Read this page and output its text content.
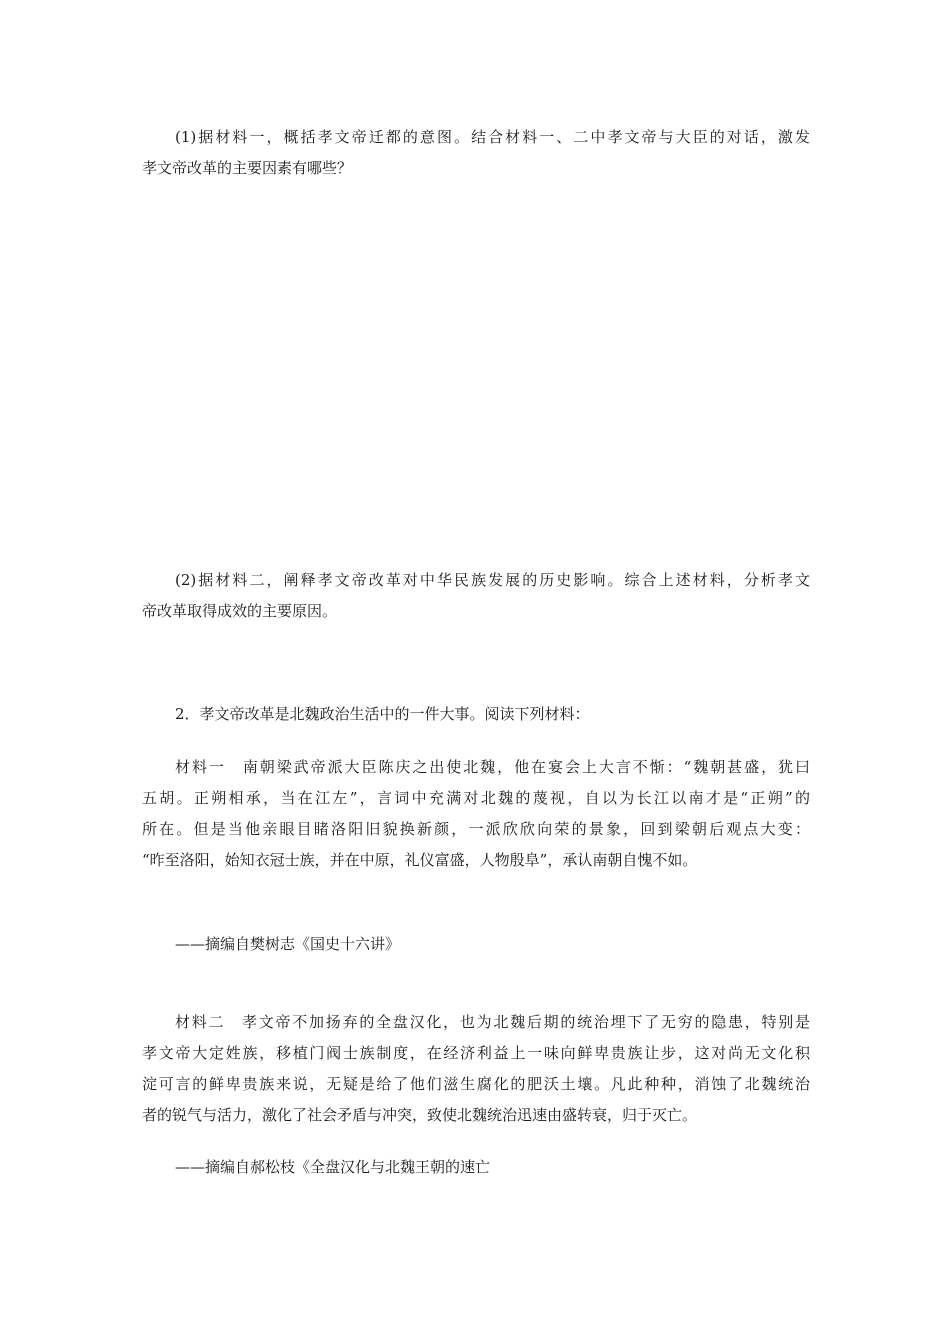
(1)据材料一，概括孝文帝迁都的意图。结合材料一、二中孝文帝与大臣的对话，激发
孝文帝改革的主要因素有哪些？
(2)据材料二，阐释孝文帝改革对中华民族发展的历史影响。综合上述材料，分析孝文
帝改革取得成效的主要原因。
2．孝文帝改革是北魏政治生活中的一件大事。阅读下列材料：
材料一　南朝梁武帝派大臣陈庆之出使北魏，他在宴会上大言不惭：“魏朝甚盛，犹曰
五胡。正朔相承，当在江左”，言词中充满对北魏的蔑视，自以为长江以南才是“正朔”的
所在。但是当他亲眼目睹洛阳旧貌换新颜，一派欣欣向荣的景象，回到梁朝后观点大变：
“昨至洛阳，始知衣冠士族，并在中原，礼仪富盛，人物殷阜”，承认南朝自愧不如。
——摘编自樊树志《国史十六讲》
材料二　孝文帝不加扬弃的全盘汉化，也为北魏后期的统治埋下了无穷的隐患，特别是
孝文帝大定姓族，移植门阀士族制度，在经济利益上一味向鲜卑贵族让步，这对尚无文化积
淀可言的鲜卑贵族来说，无疑是给了他们滋生腐化的肥沃土壤。凡此种种，消蚀了北魏统治
者的锐气与活力，激化了社会矛盾与冲突，致使北魏统治迅速由盛转衰，归于灭亡。
——摘编自郝松枝《全盘汉化与北魏王朝的速亡
